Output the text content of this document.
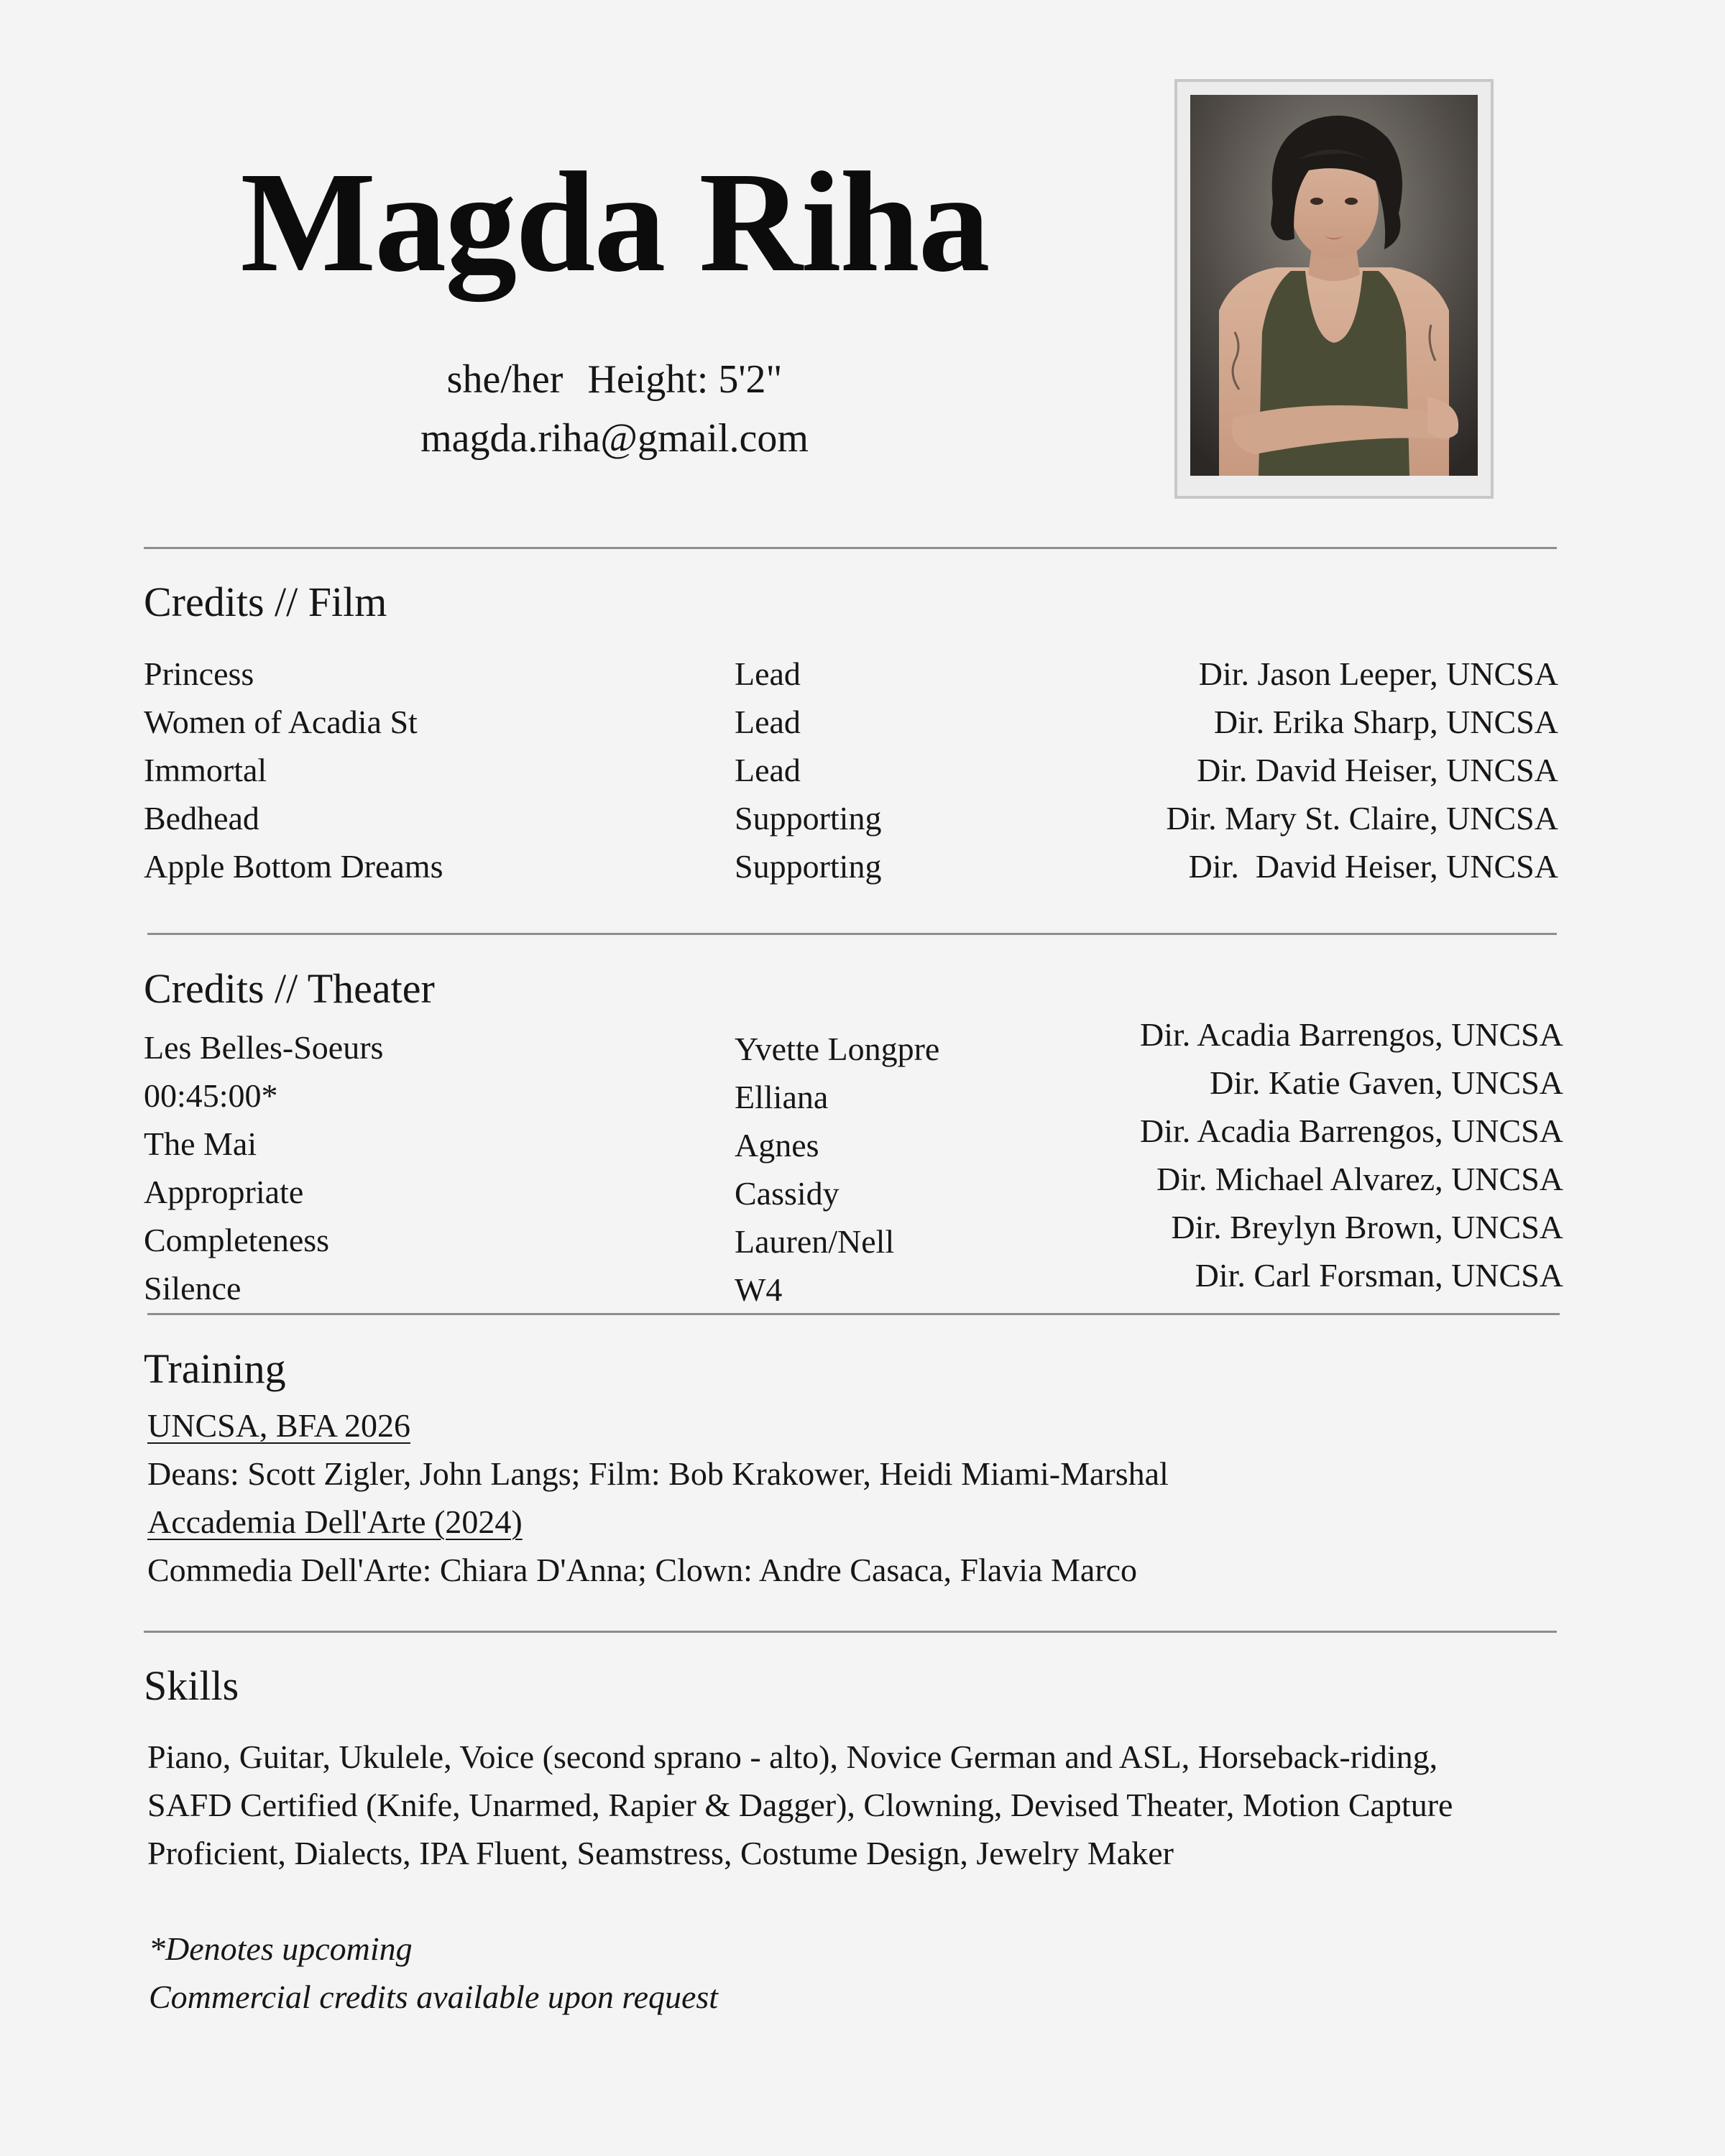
Magda Riha
she/her Height: 5'2"
magda.riha@gmail.com
Credits // Film
Princess	Lead	Dir. Jason Leeper, UNCSA
Women of Acadia St	Lead	Dir. Erika Sharp, UNCSA
Immortal	Lead	Dir. David Heiser, UNCSA
Bedhead	Supporting	Dir. Mary St. Claire, UNCSA
Apple Bottom Dreams	Supporting	Dir.  David Heiser, UNCSA
Credits // Theater
Les Belles-Soeurs	Yvette Longpre	Dir. Acadia Barrengos, UNCSA
00:45:00*	Elliana	Dir. Katie Gaven, UNCSA
The Mai	Agnes	Dir. Acadia Barrengos, UNCSA
Appropriate	Cassidy	Dir. Michael Alvarez, UNCSA
Completeness	Lauren/Nell	Dir. Breylyn Brown, UNCSA
Silence	W4	Dir. Carl Forsman, UNCSA
Training
UNCSA, BFA 2026
Deans: Scott Zigler, John Langs; Film: Bob Krakower, Heidi Miami-Marshal
Accademia Dell'Arte (2024)
Commedia Dell'Arte: Chiara D'Anna; Clown: Andre Casaca, Flavia Marco
Skills
Piano, Guitar, Ukulele, Voice (second sprano - alto), Novice German and ASL, Horseback-riding,
SAFD Certified (Knife, Unarmed, Rapier & Dagger), Clowning, Devised Theater, Motion Capture
Proficient, Dialects, IPA Fluent, Seamstress, Costume Design, Jewelry Maker
*Denotes upcoming
Commercial credits available upon request
